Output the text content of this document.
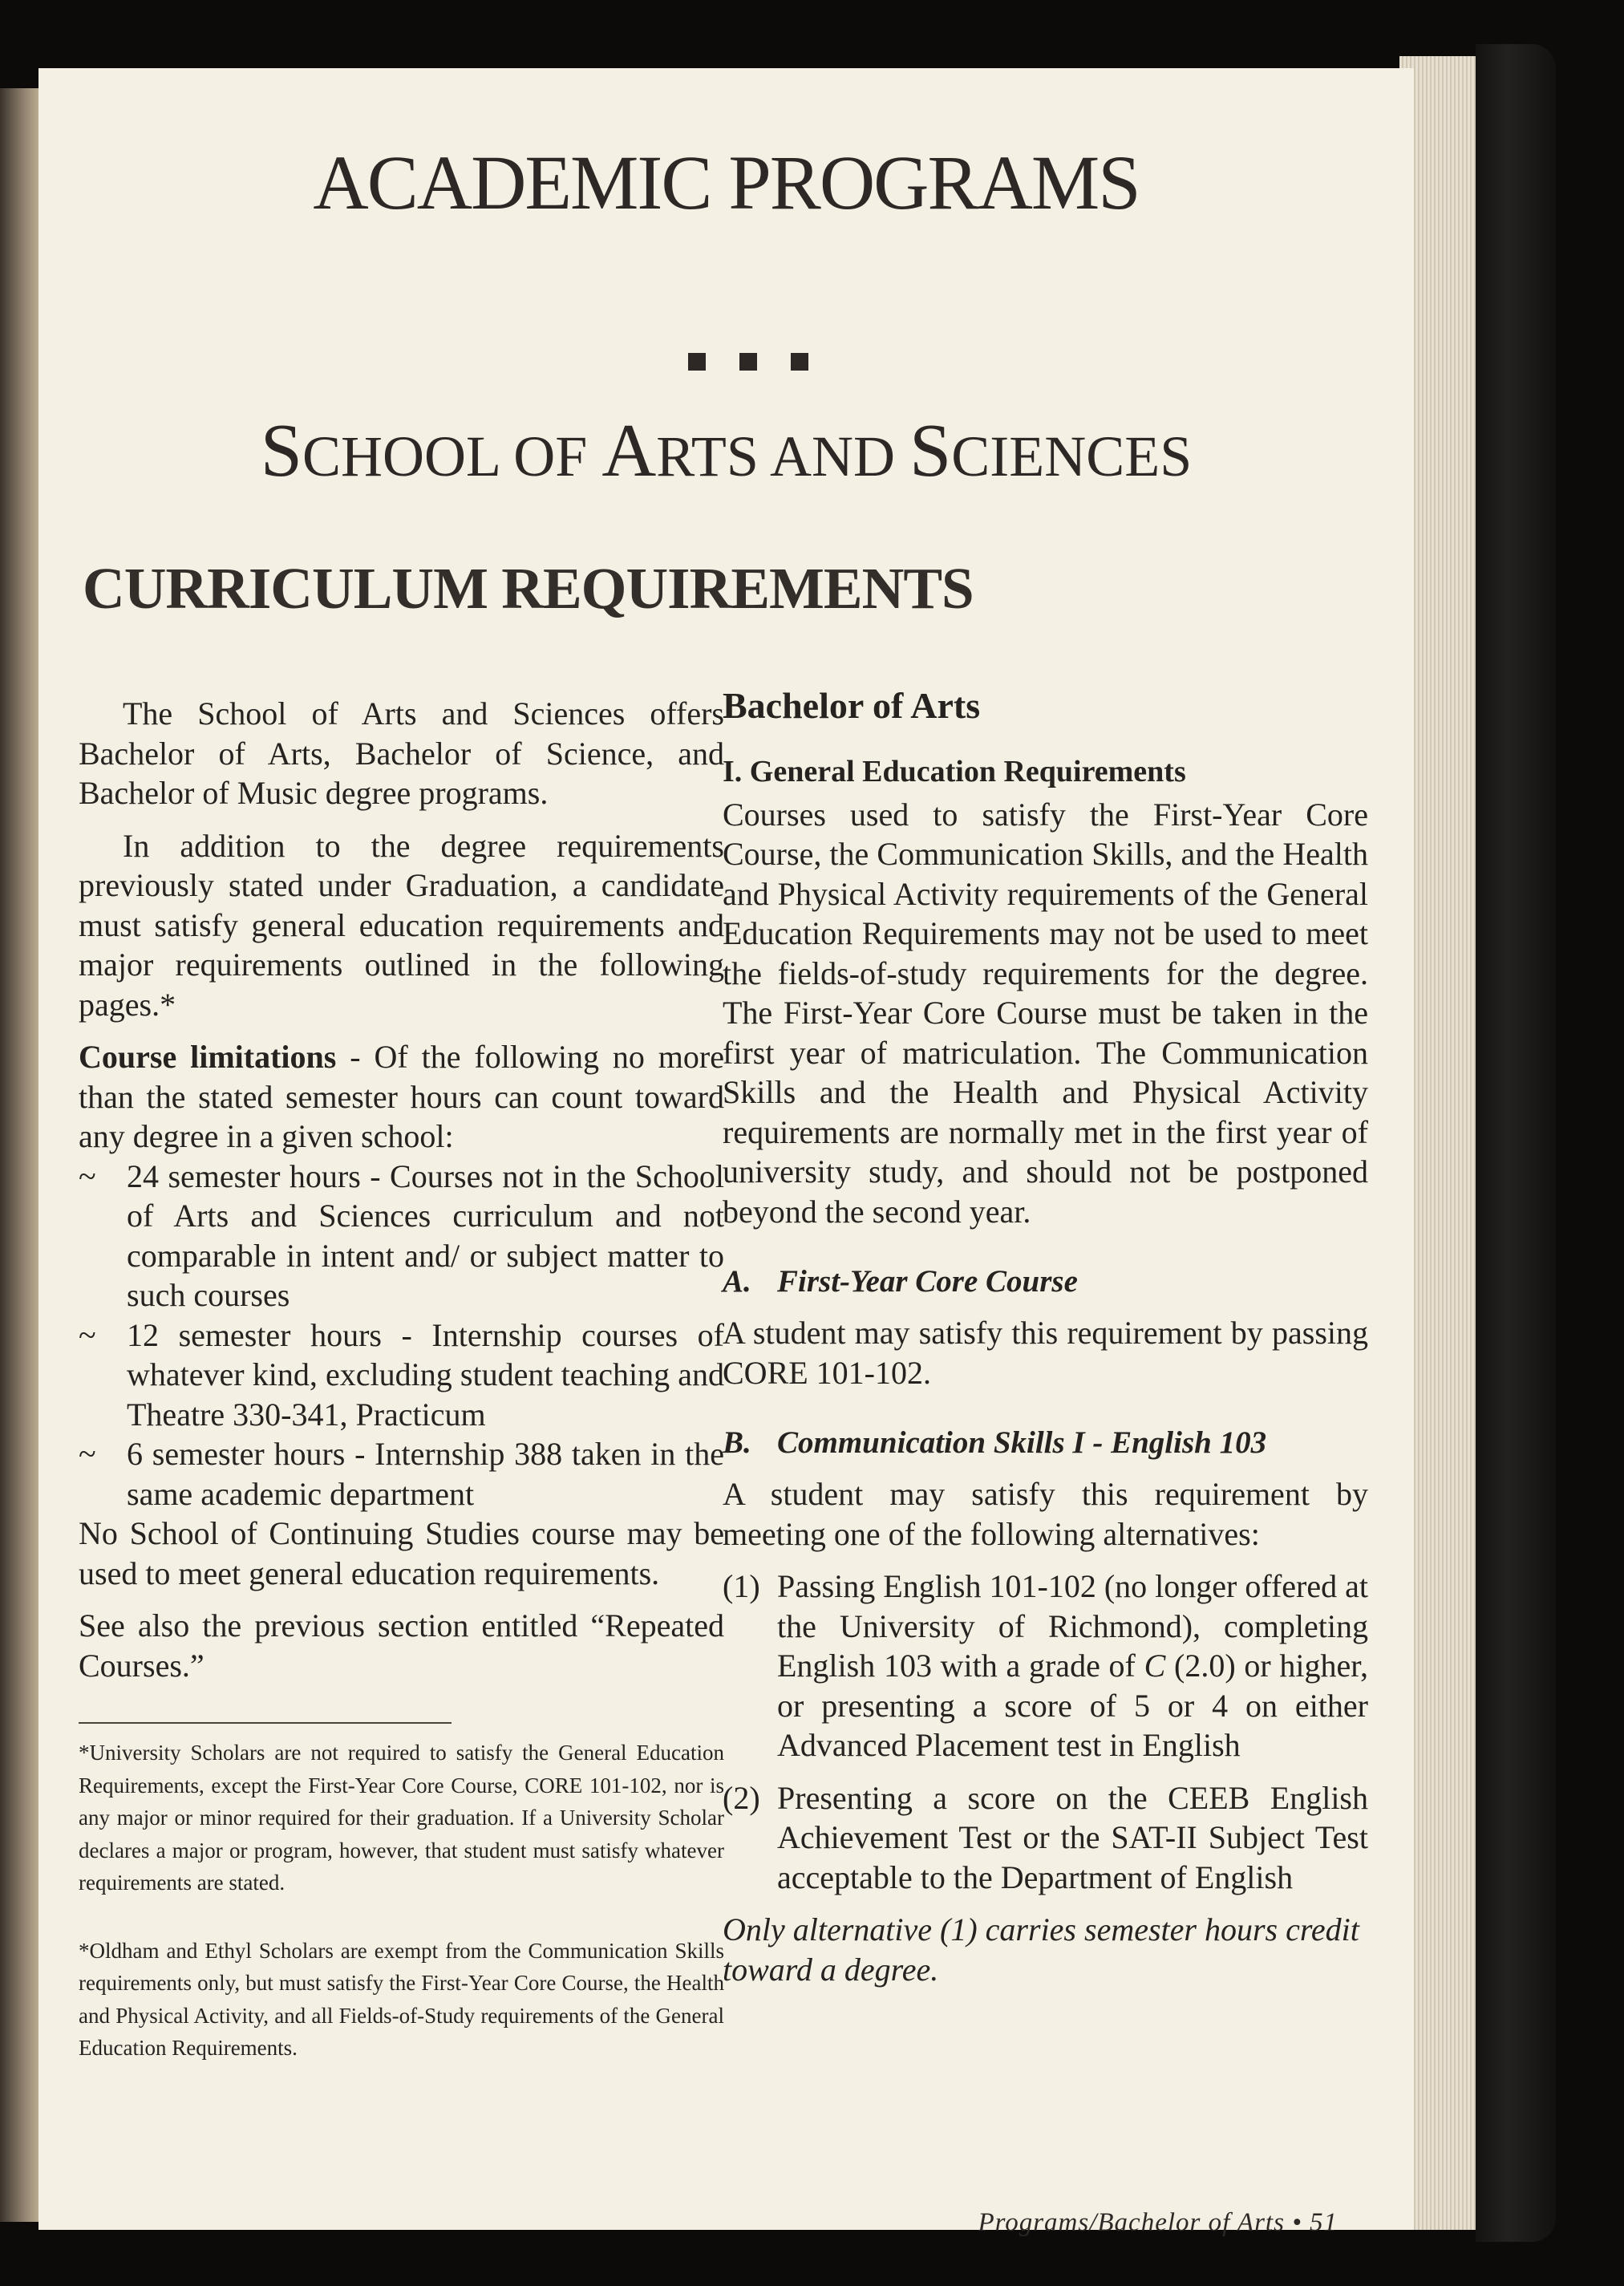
ACADEMIC PROGRAMS
SCHOOL OF ARTS AND SCIENCES
CURRICULUM REQUIREMENTS

The School of Arts and Sciences offers Bachelor of Arts, Bachelor of Science, and Bachelor of Music degree programs.

In addition to the degree requirements previously stated under Graduation, a candidate must satisfy general education requirements and major requirements outlined in the following pages.*

Course limitations - Of the following no more than the stated semester hours can count toward any degree in a given school:

~ 24 semester hours - Courses not in the School of Arts and Sciences curriculum and not comparable in intent and/ or subject matter to such courses
~ 12 semester hours - Internship courses of whatever kind, excluding student teaching and Theatre 330-341, Practicum
~ 6 semester hours - Internship 388 taken in the same academic department

No School of Continuing Studies course may be used to meet general education requirements.

See also the previous section entitled “Repeated Courses.”

*University Scholars are not required to satisfy the General Education Requirements, except the First-Year Core Course, CORE 101-102, nor is any major or minor required for their graduation. If a University Scholar declares a major or program, however, that student must satisfy whatever requirements are stated.

*Oldham and Ethyl Scholars are exempt from the Communication Skills requirements only, but must satisfy the First-Year Core Course, the Health and Physical Activity, and all Fields-of-Study requirements of the General Education Requirements.

Bachelor of Arts

I. General Education Requirements

Courses used to satisfy the First-Year Core Course, the Communication Skills, and the Health and Physical Activity requirements of the General Education Requirements may not be used to meet the fields-of-study requirements for the degree. The First-Year Core Course must be taken in the first year of matriculation. The Communication Skills and the Health and Physical Activity requirements are normally met in the first year of university study, and should not be postponed beyond the second year.

A. First-Year Core Course

A student may satisfy this requirement by passing CORE 101-102.

B. Communication Skills I - English 103

A student may satisfy this requirement by meeting one of the following alternatives:

(1) Passing English 101-102 (no longer offered at the University of Richmond), completing English 103 with a grade of C (2.0) or higher, or presenting a score of 5 or 4 on either Advanced Placement test in English
(2) Presenting a score on the CEEB English Achievement Test or the SAT-II Subject Test acceptable to the Department of English

Only alternative (1) carries semester hours credit toward a degree.

Programs/Bachelor of Arts • 51
